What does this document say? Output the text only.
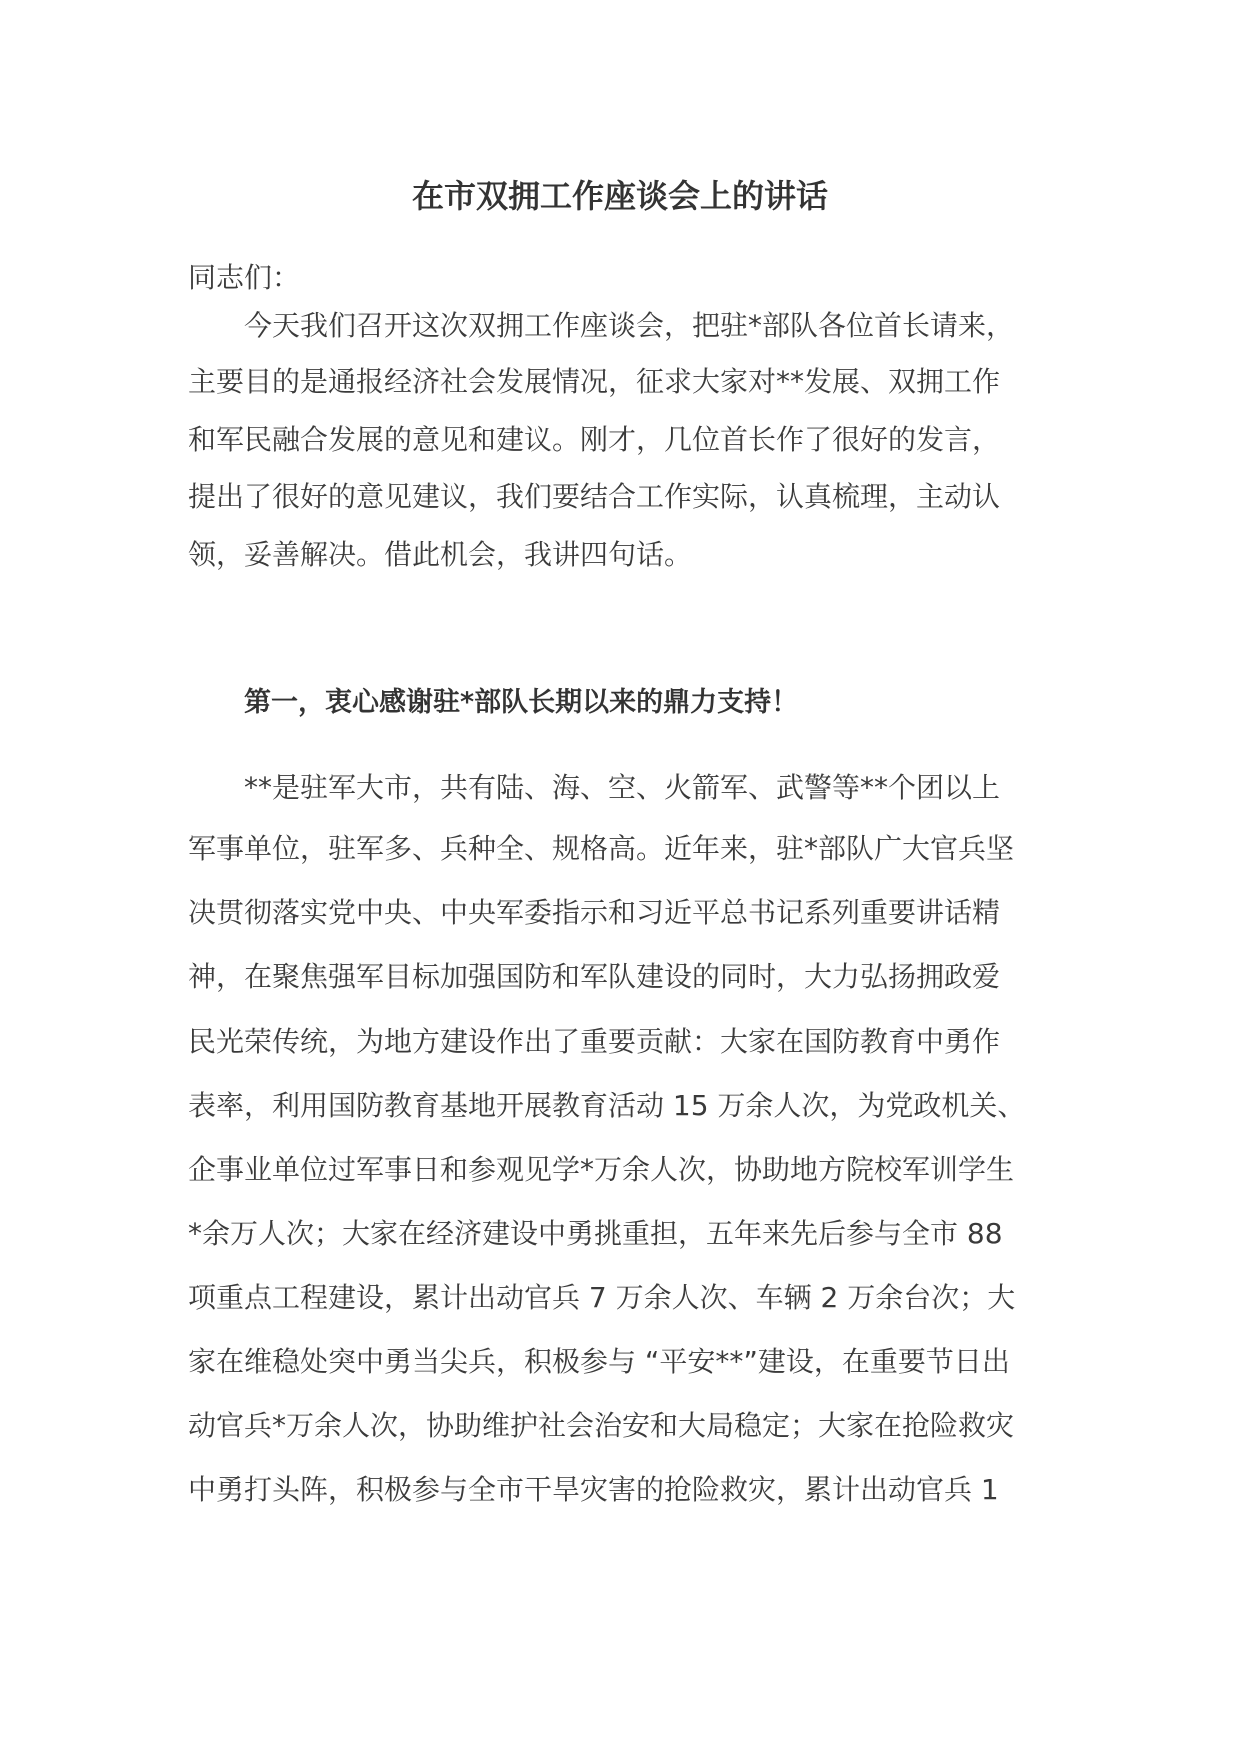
在市双拥工作座谈会上的讲话

同志们：

今天我们召开这次双拥工作座谈会，把驻*部队各位首长请来，

主要目的是通报经济社会发展情况，征求大家对**发展、双拥工作

和军民融合发展的意见和建议。刚才，几位首长作了很好的发言，

提出了很好的意见建议，我们要结合工作实际，认真梳理，主动认

领，妥善解决。借此机会，我讲四句话。

第一，衷心感谢驻*部队长期以来的鼎力支持！

**是驻军大市，共有陆、海、空、火箭军、武警等**个团以上

军事单位，驻军多、兵种全、规格高。近年来，驻*部队广大官兵坚

决贯彻落实党中央、中央军委指示和习近平总书记系列重要讲话精

神，在聚焦强军目标加强国防和军队建设的同时，大力弘扬拥政爱

民光荣传统，为地方建设作出了重要贡献：大家在国防教育中勇作

表率，利用国防教育基地开展教育活动 15 万余人次，为党政机关、

企事业单位过军事日和参观见学*万余人次，协助地方院校军训学生

*余万人次；大家在经济建设中勇挑重担，五年来先后参与全市 88

项重点工程建设，累计出动官兵 7 万余人次、车辆 2 万余台次；大

家在维稳处突中勇当尖兵，积极参与 “平安**”建设，在重要节日出

动官兵*万余人次，协助维护社会治安和大局稳定；大家在抢险救灾

中勇打头阵，积极参与全市干旱灾害的抢险救灾，累计出动官兵 1
